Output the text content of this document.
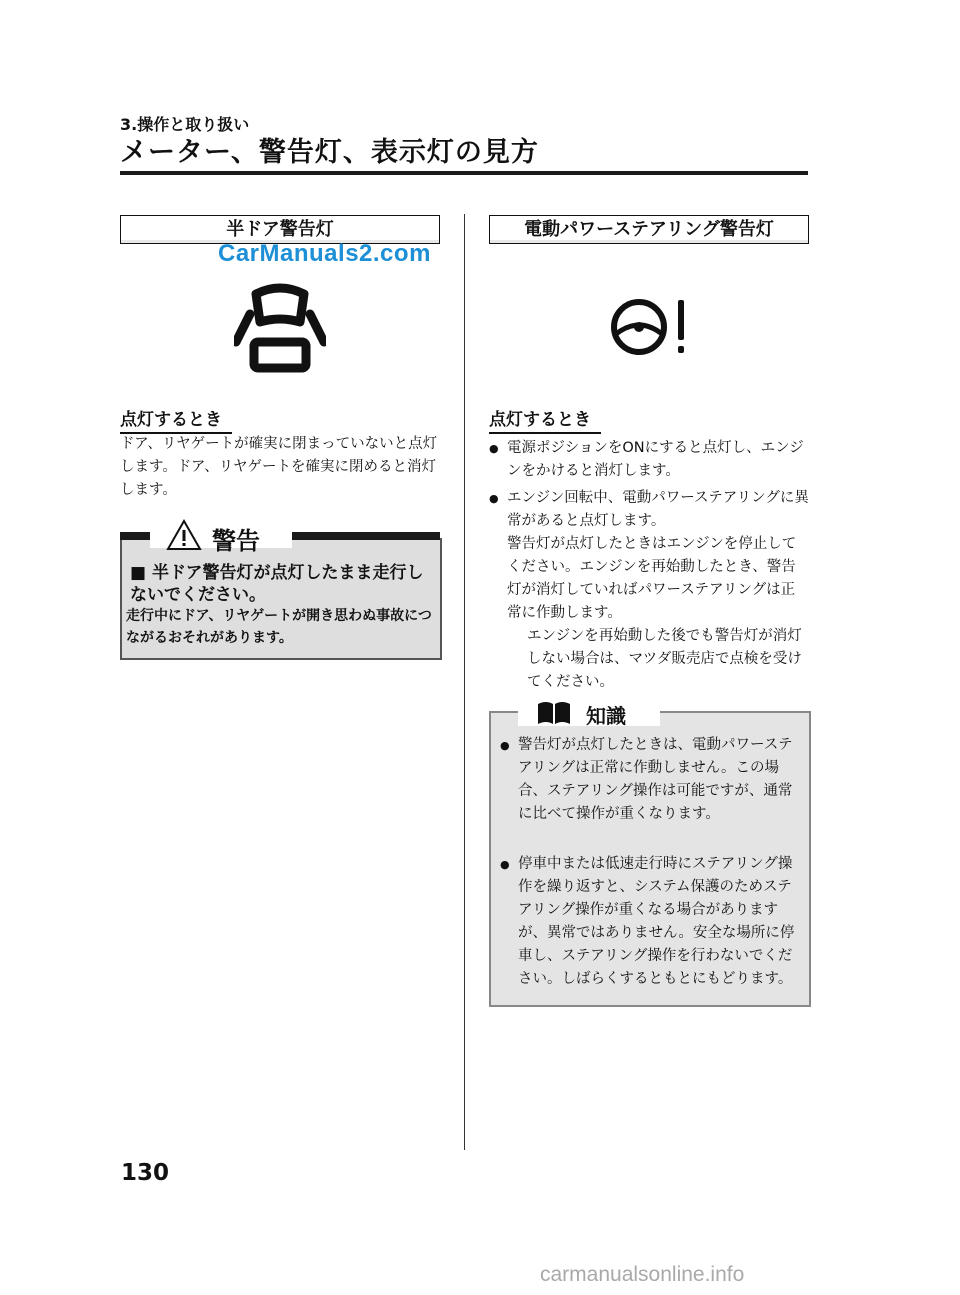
3.操作と取り扱い
メーター、警告灯、表示灯の見方
半ドア警告灯
CarManuals2.com
点灯するとき
ドア、リヤゲートが確実に閉まっていないと点灯します。ドア、リヤゲートを確実に閉めると消灯します。
警告
■ 半ドア警告灯が点灯したまま走行しないでください。
走行中にドア、リヤゲートが開き思わぬ事故につながるおそれがあります。
電動パワーステアリング警告灯
点灯するとき
● 電源ポジションをONにすると点灯し、エンジンをかけると消灯します。
● エンジン回転中、電動パワーステアリングに異常があると点灯します。
警告灯が点灯したときはエンジンを停止してください。エンジンを再始動したとき、警告灯が消灯していればパワーステアリングは正常に作動します。
エンジンを再始動した後でも警告灯が消灯しない場合は、マツダ販売店で点検を受けてください。
知識
● 警告灯が点灯したときは、電動パワーステアリングは正常に作動しません。この場合、ステアリング操作は可能ですが、通常に比べて操作が重くなります。
● 停車中または低速走行時にステアリング操作を繰り返すと、システム保護のためステアリング操作が重くなる場合がありますが、異常ではありません。安全な場所に停車し、ステアリング操作を行わないでください。しばらくするともとにもどります。
130
carmanualsonline.info
